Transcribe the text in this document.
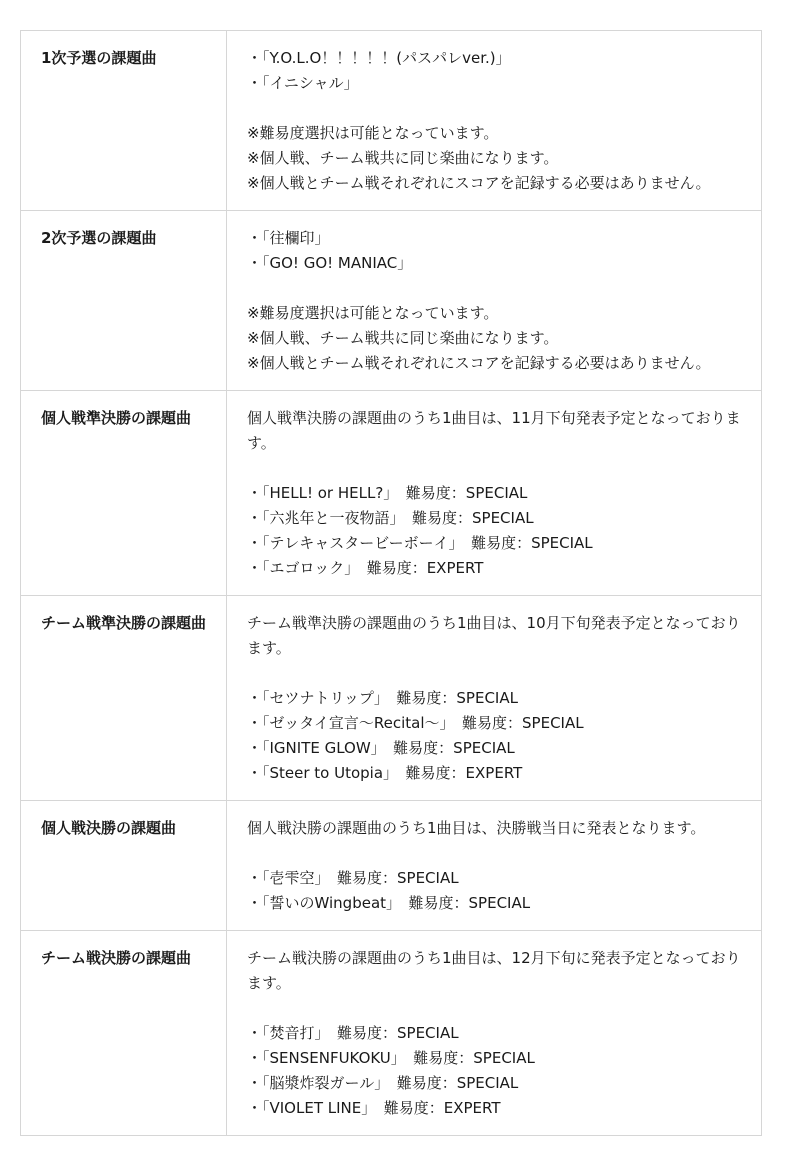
1次予選の課題曲	・「Y.O.L.O！！！！！(パスパレver.)」
・「イニシャル」
※難易度選択は可能となっています。
※個人戦、チーム戦共に同じ楽曲になります。
※個人戦とチーム戦それぞれにスコアを記録する必要はありません。

2次予選の課題曲	・「往欄印」
・「GO! GO! MANIAC」
※難易度選択は可能となっています。
※個人戦、チーム戦共に同じ楽曲になります。
※個人戦とチーム戦それぞれにスコアを記録する必要はありません。

個人戦準決勝の課題曲	個人戦準決勝の課題曲のうち1曲目は、11月下旬発表予定となっております。
・「HELL! or HELL?」　難易度：SPECIAL
・「六兆年と一夜物語」　難易度：SPECIAL
・「テレキャスタービーボーイ」　難易度：SPECIAL
・「エゴロック」　難易度：EXPERT

チーム戦準決勝の課題曲	チーム戦準決勝の課題曲のうち1曲目は、10月下旬発表予定となっております。
・「セツナトリップ」　難易度：SPECIAL
・「ゼッタイ宣言〜Recital〜」　難易度：SPECIAL
・「IGNITE GLOW」　難易度：SPECIAL
・「Steer to Utopia」　難易度：EXPERT

個人戦決勝の課題曲	個人戦決勝の課題曲のうち1曲目は、決勝戦当日に発表となります。
・「壱雫空」　難易度：SPECIAL
・「誓いのWingbeat」　難易度：SPECIAL

チーム戦決勝の課題曲	チーム戦決勝の課題曲のうち1曲目は、12月下旬に発表予定となっております。
・「焚音打」　難易度：SPECIAL
・「SENSENFUKOKU」　難易度：SPECIAL
・「脳漿炸裂ガール」　難易度：SPECIAL
・「VIOLET LINE」　難易度：EXPERT
